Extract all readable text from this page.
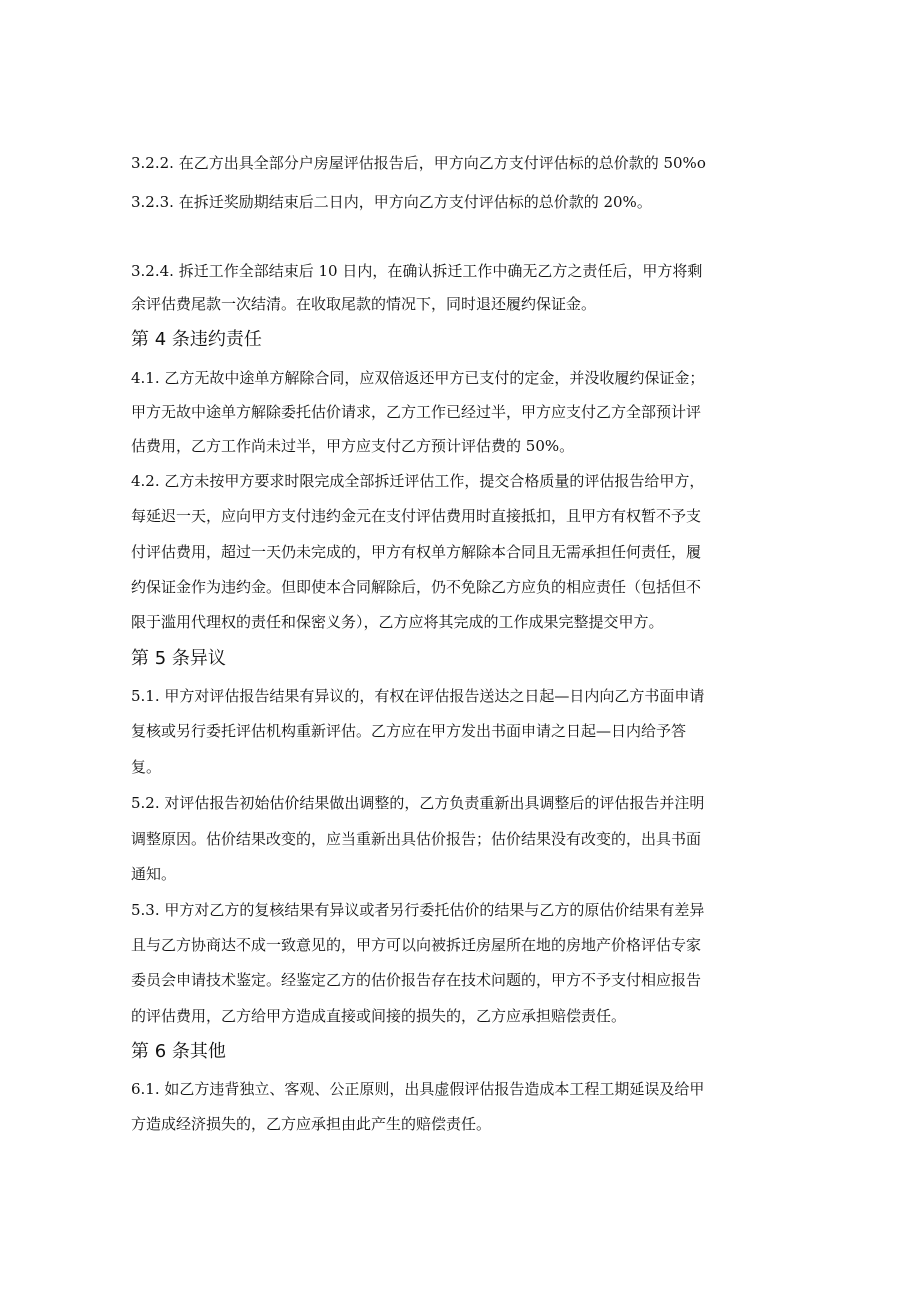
3.2.2. 在乙方出具全部分户房屋评估报告后，甲方向乙方支付评估标的总价款的 50%o
3.2.3. 在拆迁奖励期结束后二日内，甲方向乙方支付评估标的总价款的 20%。
3.2.4. 拆迁工作全部结束后 10 日内，在确认拆迁工作中确无乙方之责任后，甲方将剩
余评估费尾款一次结清。在收取尾款的情况下，同时退还履约保证金。
第 4 条违约责任
4.1. 乙方无故中途单方解除合同，应双倍返还甲方已支付的定金，并没收履约保证金；
甲方无故中途单方解除委托估价请求，乙方工作已经过半，甲方应支付乙方全部预计评
估费用，乙方工作尚未过半，甲方应支付乙方预计评估费的 50%。
4.2. 乙方未按甲方要求时限完成全部拆迁评估工作，提交合格质量的评估报告给甲方，
每延迟一天，应向甲方支付违约金元在支付评估费用时直接抵扣，且甲方有权暂不予支
付评估费用，超过一天仍未完成的，甲方有权单方解除本合同且无需承担任何责任，履
约保证金作为违约金。但即使本合同解除后，仍不免除乙方应负的相应责任（包括但不
限于滥用代理权的责任和保密义务），乙方应将其完成的工作成果完整提交甲方。
第 5 条异议
5.1. 甲方对评估报告结果有异议的，有权在评估报告送达之日起—日内向乙方书面申请
复核或另行委托评估机构重新评估。乙方应在甲方发出书面申请之日起—日内给予答
复。
5.2. 对评估报告初始估价结果做出调整的，乙方负责重新出具调整后的评估报告并注明
调整原因。估价结果改变的，应当重新出具估价报告；估价结果没有改变的，出具书面
通知。
5.3. 甲方对乙方的复核结果有异议或者另行委托估价的结果与乙方的原估价结果有差异
且与乙方协商达不成一致意见的，甲方可以向被拆迁房屋所在地的房地产价格评估专家
委员会申请技术鉴定。经鉴定乙方的估价报告存在技术问题的，甲方不予支付相应报告
的评估费用，乙方给甲方造成直接或间接的损失的，乙方应承担赔偿责任。
第 6 条其他
6.1. 如乙方违背独立、客观、公正原则，出具虚假评估报告造成本工程工期延误及给甲
方造成经济损失的，乙方应承担由此产生的赔偿责任。
